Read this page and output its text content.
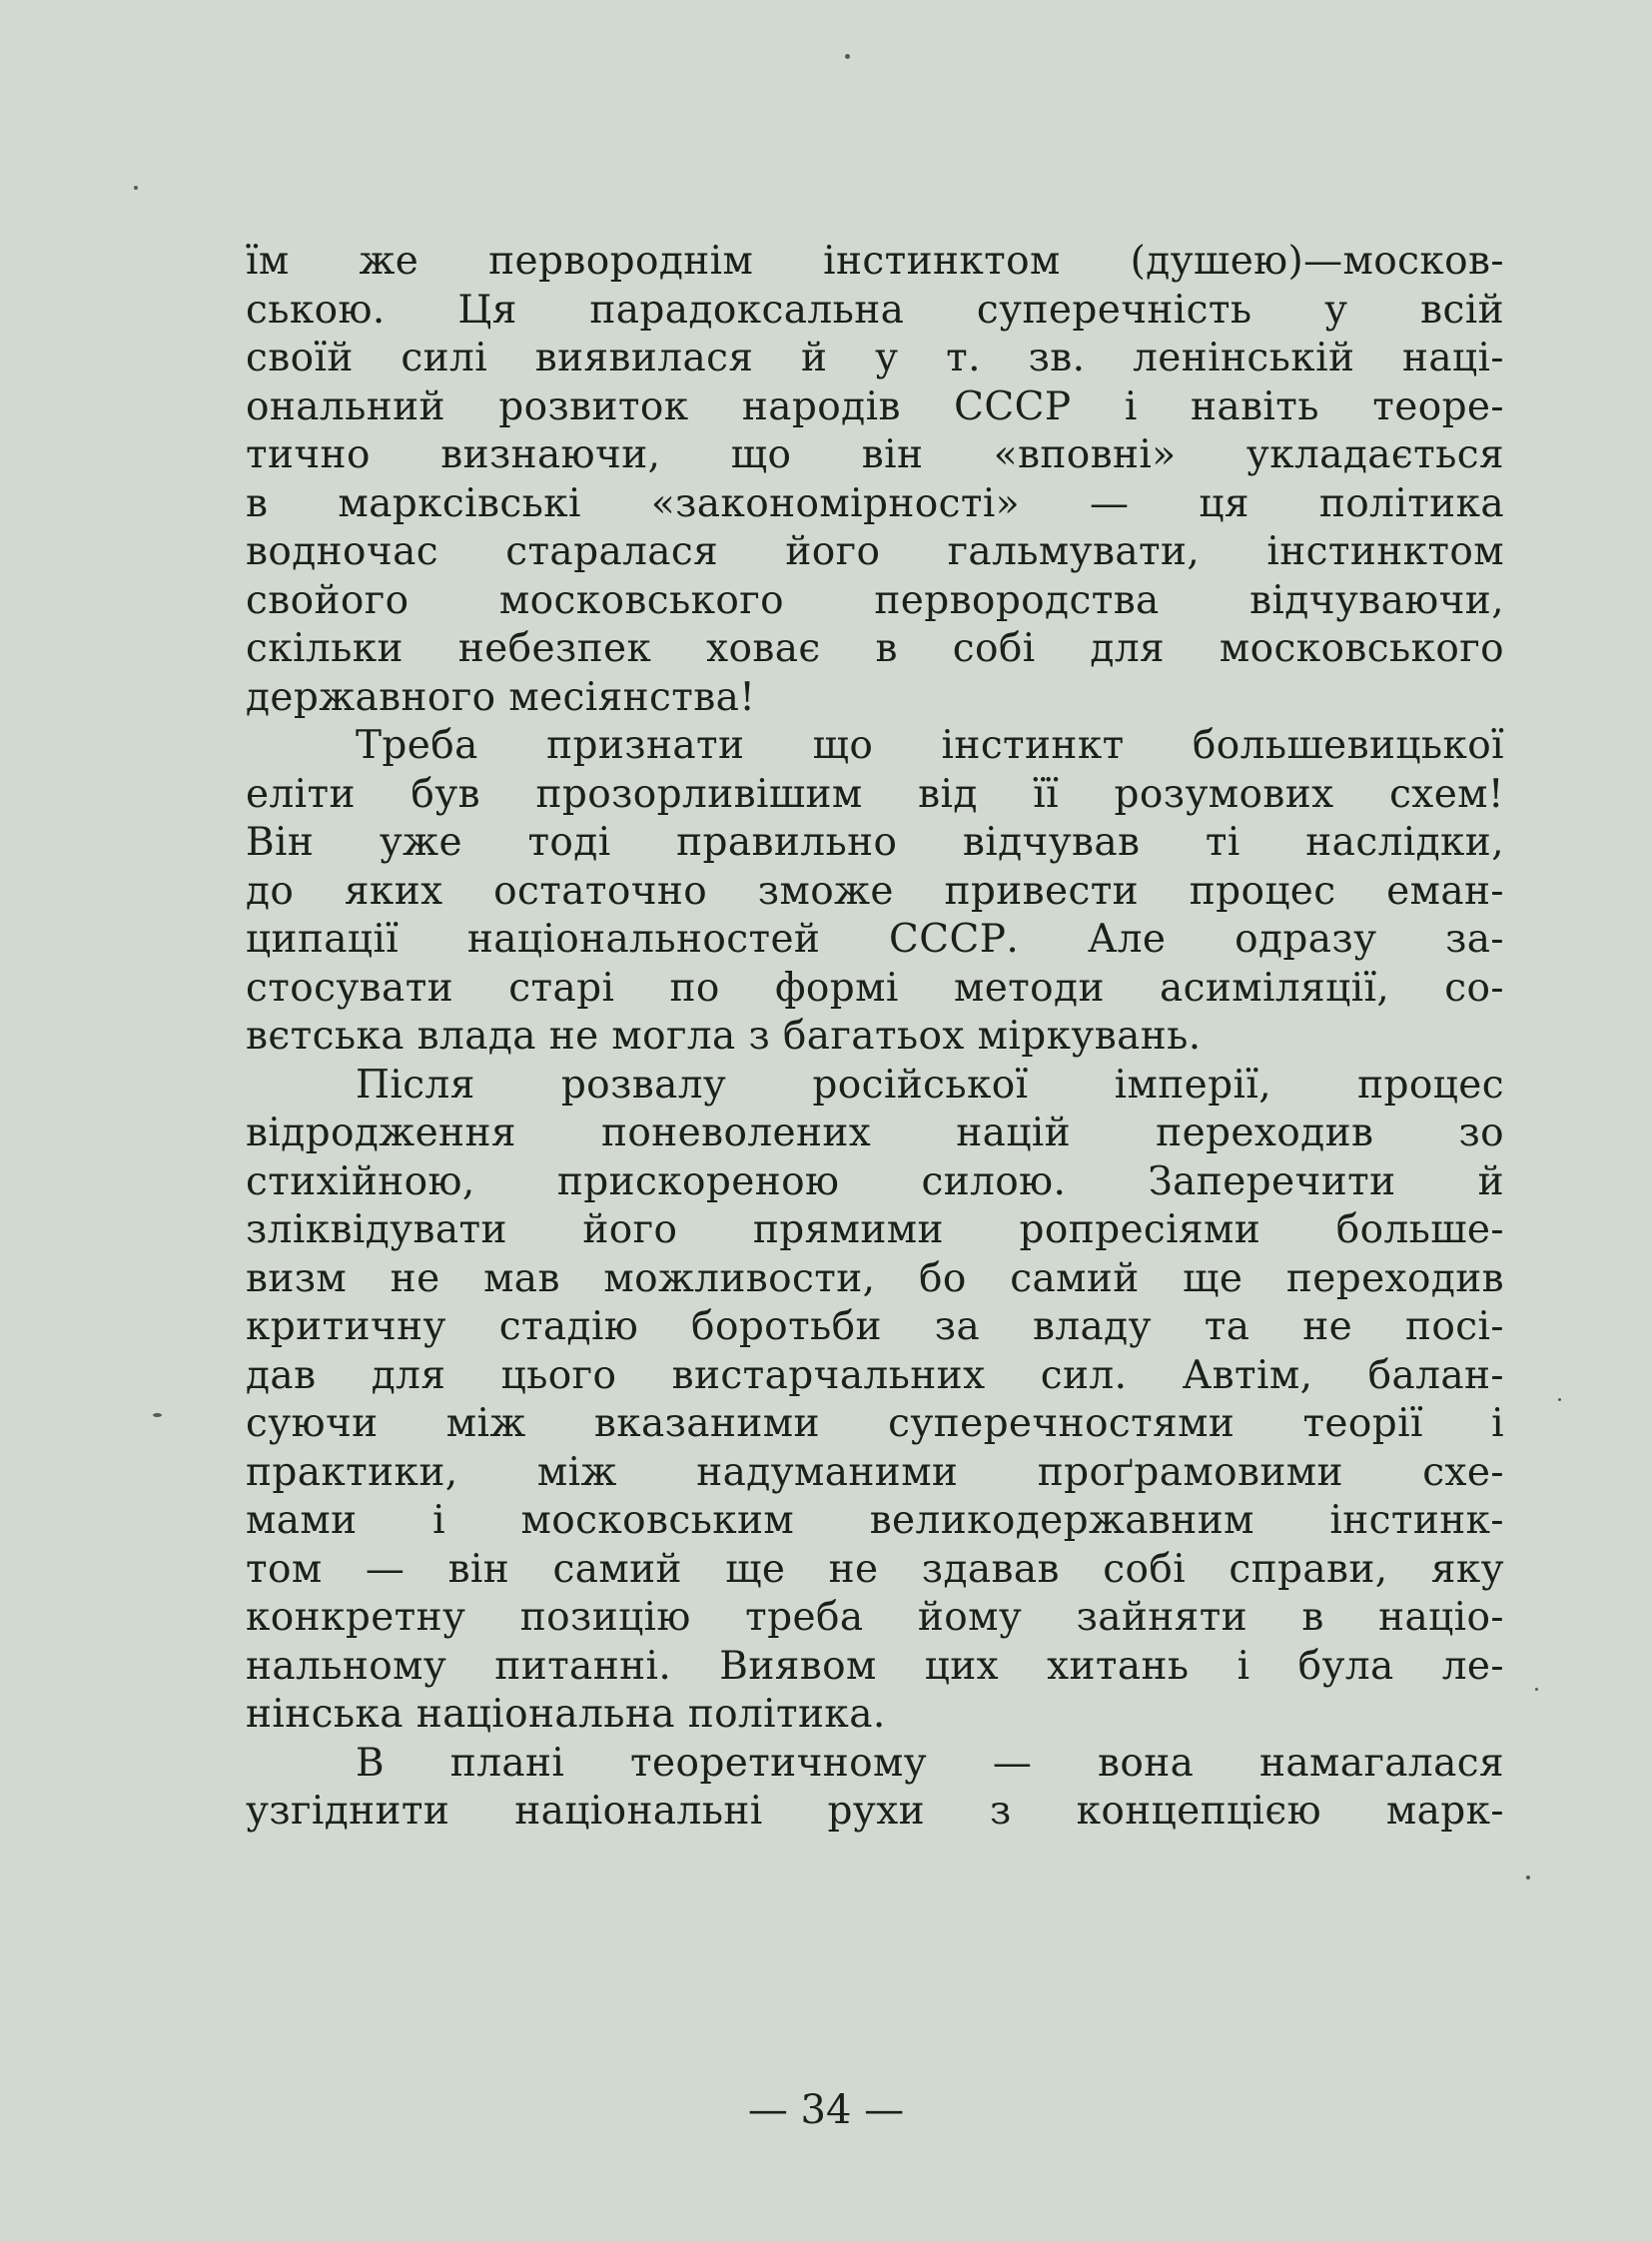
їм же первороднім інстинктом (душею)—москов-
ською. Ця парадоксальна суперечність у всій
своїй силі виявилася й у т. зв. ленінській наці-
ональний розвиток народів СССР і навіть теоре-
тично визнаючи, що він «вповні» укладається
в марксівські «закономірності» — ця політика
водночас старалася його гальмувати, інстинктом
свойого московського первородства відчуваючи,
скільки небезпек ховає в собі для московського
державного месіянства!
Треба признати що інстинкт большевицької
еліти був прозорливішим від її розумових схем!
Він уже тоді правильно відчував ті наслідки,
до яких остаточно зможе привести процес еман-
ципації національностей СССР. Але одразу за-
стосувати старі по формі методи асиміляції, со-
вєтська влада не могла з багатьох міркувань.
Після розвалу російської імперії, процес
відродження поневолених націй переходив зо
стихійною, прискореною силою. Заперечити й
зліквідувати його прямими ропресіями больше-
визм не мав можливости, бо самий ще переходив
критичну стадію боротьби за владу та не посі-
дав для цього вистарчальних сил. Автім, балан-
суючи між вказаними суперечностями теорії і
практики, між надуманими проґрамовими схе-
мами і московським великодержавним інстинк-
том — він самий ще не здавав собі справи, яку
конкретну позицію треба йому зайняти в націо-
нальному питанні. Виявом цих хитань і була ле-
нінська національна політика.
В плані теоретичному — вона намагалася
узгіднити національні рухи з концепцією марк-
— 34 —
